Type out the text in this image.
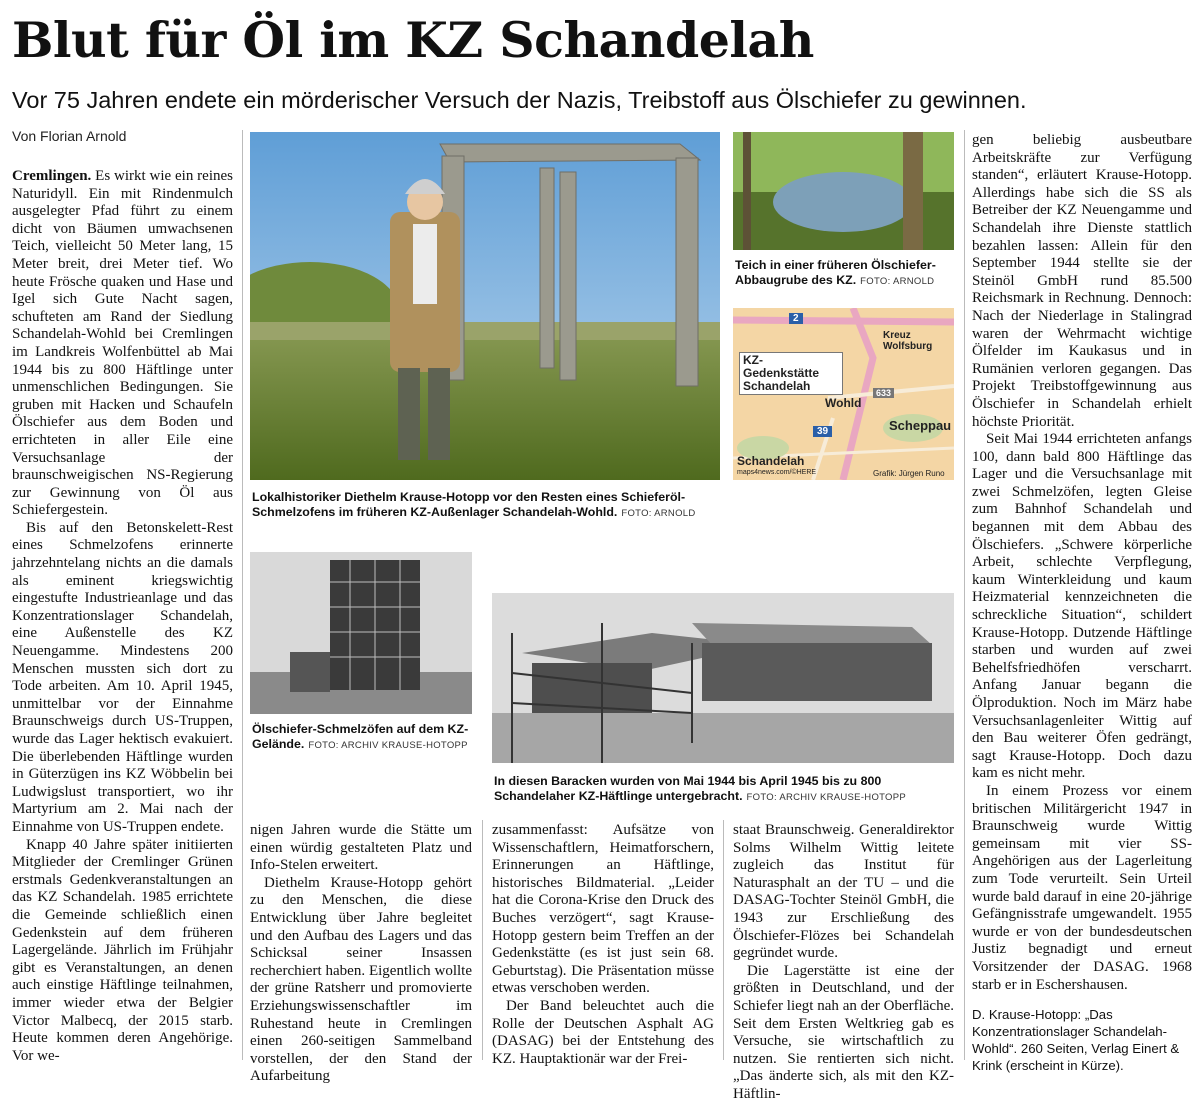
Blut für Öl im KZ Schandelah
Vor 75 Jahren endete ein mörderischer Versuch der Nazis, Treibstoff aus Ölschiefer zu gewinnen.
Von Florian Arnold

Cremlingen. Es wirkt wie ein reines Naturidyll. Ein mit Rindenmulch ausgelegter Pfad führt zu einem dicht von Bäumen umwachsenen Teich, vielleicht 50 Meter lang, 15 Meter breit, drei Meter tief. Wo heute Frösche quaken und Hase und Igel sich Gute Nacht sagen, schufteten am Rand der Siedlung Schandelah-Wohld bei Cremlingen im Landkreis Wolfenbüttel ab Mai 1944 bis zu 800 Häftlinge unter unmenschlichen Bedingungen. Sie gruben mit Hacken und Schaufeln Ölschiefer aus dem Boden und errichteten in aller Eile eine Versuchsanlage der braunschweigischen NS-Regierung zur Gewinnung von Öl aus Schiefergestein.

Bis auf den Betonskelett-Rest eines Schmelzofens erinnerte jahrzehntelang nichts an die damals als eminent kriegswichtig eingestufte Industrieanlage und das Konzentrationslager Schandelah, eine Außenstelle des KZ Neuengamme. Mindestens 200 Menschen mussten sich dort zu Tode arbeiten. Am 10. April 1945, unmittelbar vor der Einnahme Braunschweigs durch US-Truppen, wurde das Lager hektisch evakuiert. Die überlebenden Häftlinge wurden in Güterzügen ins KZ Wöbbelin bei Ludwigslust transportiert, wo ihr Martyrium am 2. Mai nach der Einnahme von US-Truppen endete.

Knapp 40 Jahre später initiierten Mitglieder der Cremlinger Grünen erstmals Gedenkveranstaltungen an das KZ Schandelah. 1985 errichtete die Gemeinde schließlich einen Gedenkstein auf dem früheren Lagergelände. Jährlich im Frühjahr gibt es Veranstaltungen, an denen auch einstige Häftlinge teilnahmen, immer wieder etwa der Belgier Victor Malbecq, der 2015 starb. Heute kommen deren Angehörige. Vor we-

Lokalhistoriker Diethelm Krause-Hotopp vor den Resten eines Schieferöl-Schmelzofens im früheren KZ-Außenlager Schandelah-Wohld. FOTO: ARNOLD
Teich in einer früheren Ölschiefer-Abbaugrube des KZ. FOTO: ARNOLD
2
Kreuz Wolfsburg
KZ-Gedenkstätte Schandelah	633
Wohld
Scheppau
39
Schandelah
maps4news.com/©HERE	Grafik: Jürgen Runo
Ölschiefer-Schmelzöfen auf dem KZ-Gelände. FOTO: ARCHIV KRAUSE-HOTOPP
In diesen Baracken wurden von Mai 1944 bis April 1945 bis zu 800 Schandelaher KZ-Häftlinge untergebracht. FOTO: ARCHIV KRAUSE-HOTOPP

nigen Jahren wurde die Stätte um einen würdig gestalteten Platz und Info-Stelen erweitert.

Diethelm Krause-Hotopp gehört zu den Menschen, die diese Entwicklung über Jahre begleitet und den Aufbau des Lagers und das Schicksal seiner Insassen recherchiert haben. Eigentlich wollte der grüne Ratsherr und promovierte Erziehungswissenschaftler im Ruhestand heute in Cremlingen einen 260-seitigen Sammelband vorstellen, der den Stand der Aufarbeitung

zusammenfasst: Aufsätze von Wissenschaftlern, Heimatforschern, Erinnerungen an Häftlinge, historisches Bildmaterial. „Leider hat die Corona-Krise den Druck des Buches verzögert“, sagt Krause-Hotopp gestern beim Treffen an der Gedenkstätte (es ist just sein 68. Geburtstag). Die Präsentation müsse etwas verschoben werden.

Der Band beleuchtet auch die Rolle der Deutschen Asphalt AG (DASAG) bei der Entstehung des KZ. Hauptaktionär war der Frei-

staat Braunschweig. Generaldirektor Solms Wilhelm Wittig leitete zugleich das Institut für Naturasphalt an der TU – und die DASAG-Tochter Steinöl GmbH, die 1943 zur Erschließung des Ölschiefer-Flözes bei Schandelah gegründet wurde.

Die Lagerstätte ist eine der größten in Deutschland, und der Schiefer liegt nah an der Oberfläche. Seit dem Ersten Weltkrieg gab es Versuche, sie wirtschaftlich zu nutzen. Sie rentierten sich nicht. „Das änderte sich, als mit den KZ-Häftlin-

gen beliebig ausbeutbare Arbeitskräfte zur Verfügung standen“, erläutert Krause-Hotopp. Allerdings habe sich die SS als Betreiber der KZ Neuengamme und Schandelah ihre Dienste stattlich bezahlen lassen: Allein für den September 1944 stellte sie der Steinöl GmbH rund 85.500 Reichsmark in Rechnung. Dennoch: Nach der Niederlage in Stalingrad waren der Wehrmacht wichtige Ölfelder im Kaukasus und in Rumänien verloren gegangen. Das Projekt Treibstoffgewinnung aus Ölschiefer in Schandelah erhielt höchste Priorität.

Seit Mai 1944 errichteten anfangs 100, dann bald 800 Häftlinge das Lager und die Versuchsanlage mit zwei Schmelzöfen, legten Gleise zum Bahnhof Schandelah und begannen mit dem Abbau des Ölschiefers. „Schwere körperliche Arbeit, schlechte Verpflegung, kaum Winterkleidung und kaum Heizmaterial kennzeichneten die schreckliche Situation“, schildert Krause-Hotopp. Dutzende Häftlinge starben und wurden auf zwei Behelfsfriedhöfen verscharrt. Anfang Januar begann die Ölproduktion. Noch im März habe Versuchsanlagenleiter Wittig auf den Bau weiterer Öfen gedrängt, sagt Krause-Hotopp. Doch dazu kam es nicht mehr.

In einem Prozess vor einem britischen Militärgericht 1947 in Braunschweig wurde Wittig gemeinsam mit vier SS-Angehörigen aus der Lagerleitung zum Tode verurteilt. Sein Urteil wurde bald darauf in eine 20-jährige Gefängnisstrafe umgewandelt. 1955 wurde er von der bundesdeutschen Justiz begnadigt und erneut Vorsitzender der DASAG. 1968 starb er in Eschershausen.

D. Krause-Hotopp: „Das Konzentrationslager Schandelah-Wohld“. 260 Seiten, Verlag Einert & Krink (erscheint in Kürze).
